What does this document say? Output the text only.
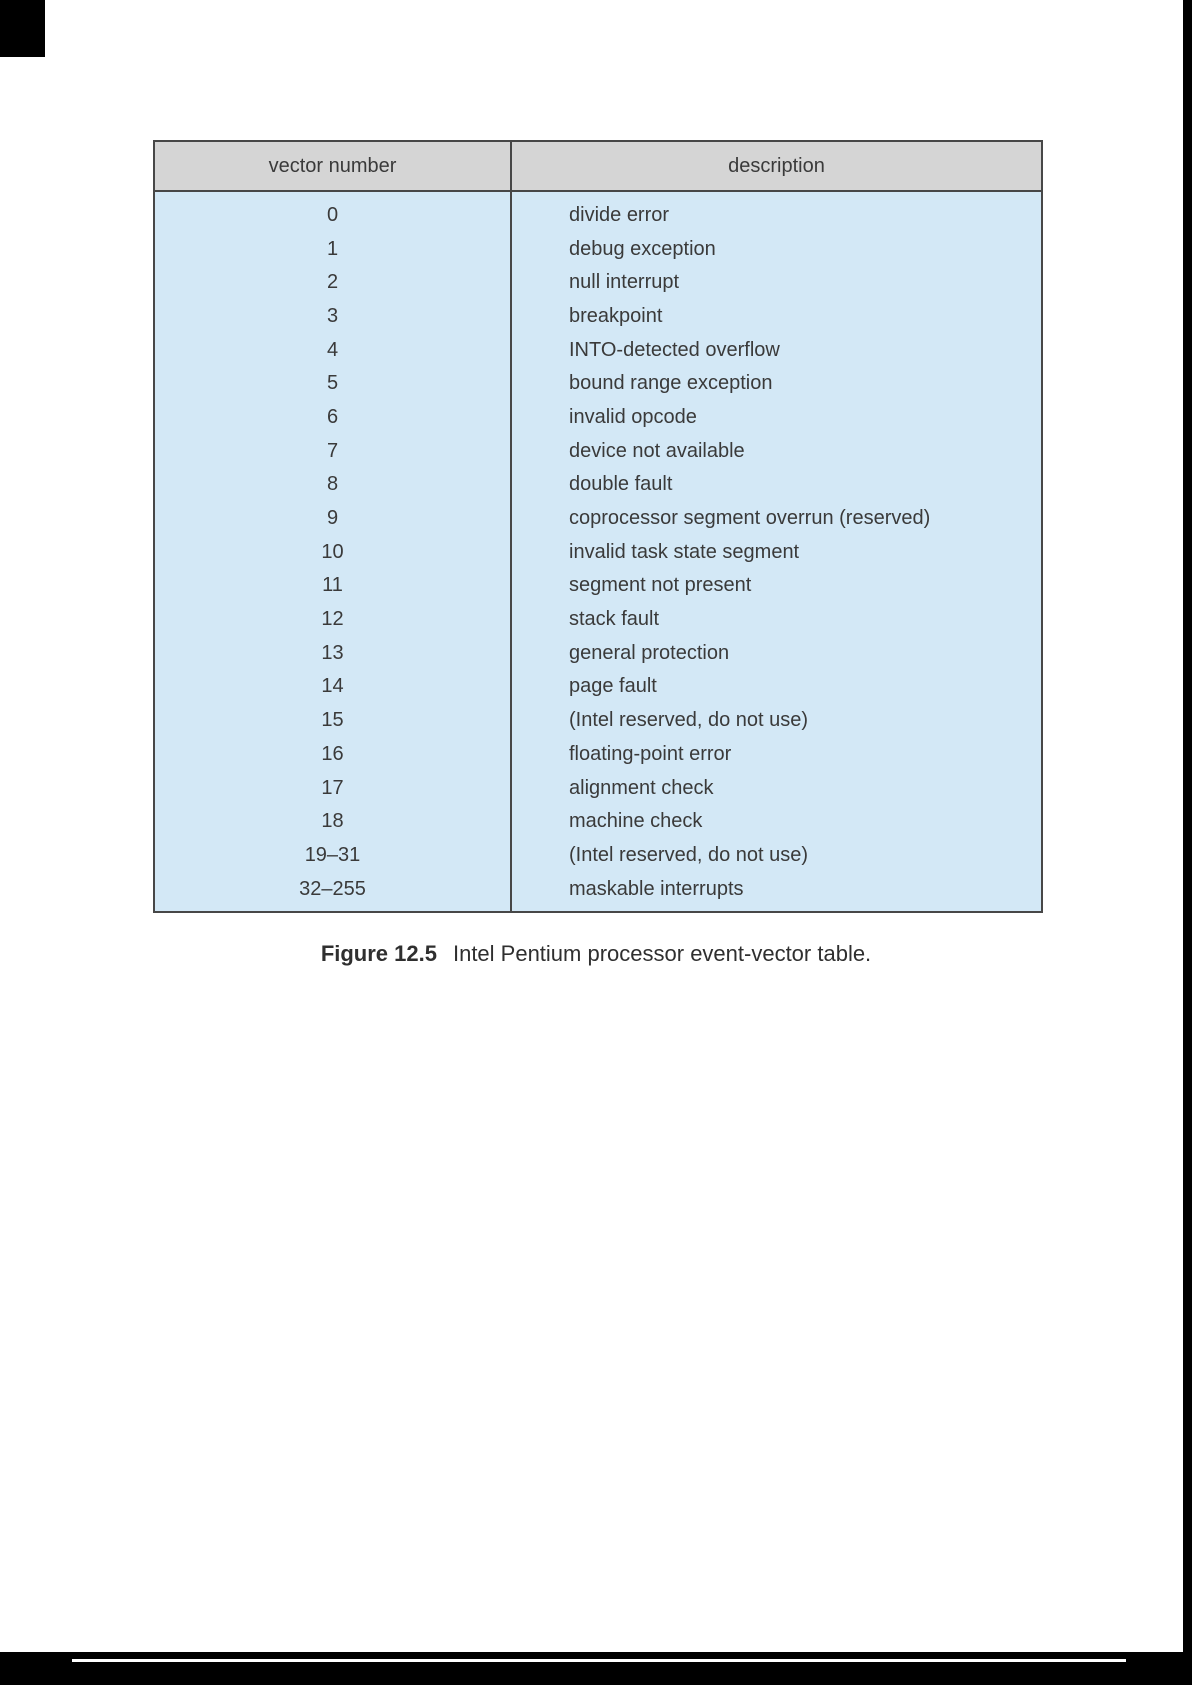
vector number	description
0	divide error
1	debug exception
2	null interrupt
3	breakpoint
4	INTO-detected overflow
5	bound range exception
6	invalid opcode
7	device not available
8	double fault
9	coprocessor segment overrun (reserved)
10	invalid task state segment
11	segment not present
12	stack fault
13	general protection
14	page fault
15	(Intel reserved, do not use)
16	floating-point error
17	alignment check
18	machine check
19–31	(Intel reserved, do not use)
32–255	maskable interrupts
Figure 12.5 Intel Pentium processor event-vector table.
